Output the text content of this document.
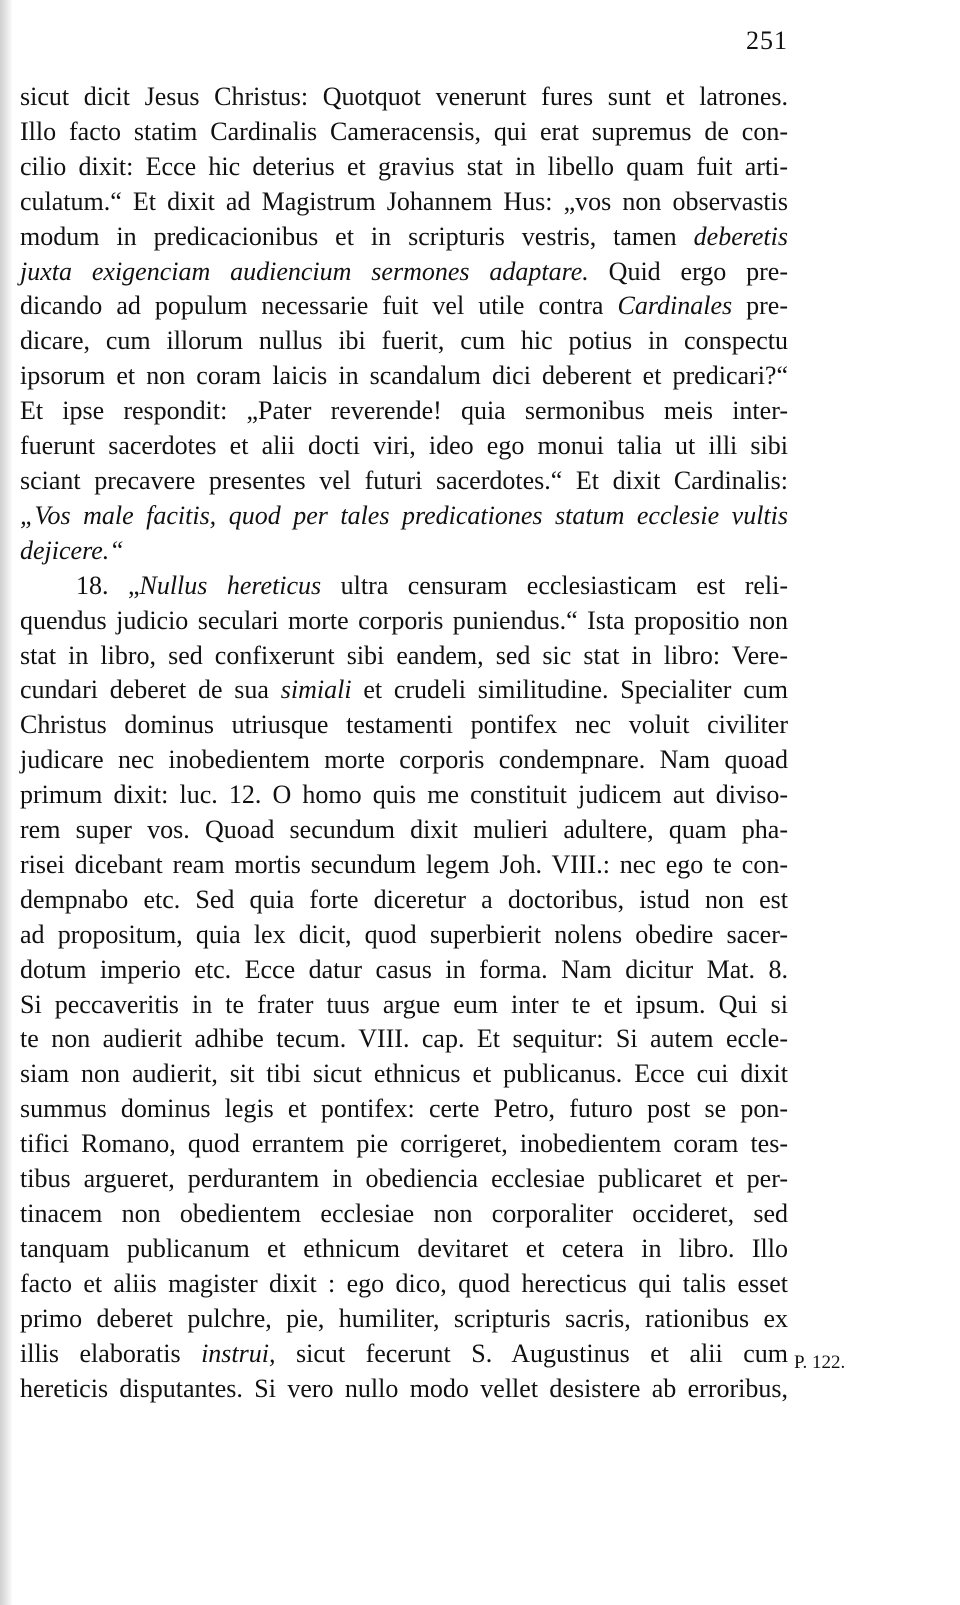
251
P. 122.
sicut dicit Jesus Christus: Quotquot venerunt fures sunt et latrones.
Illo facto statim Cardinalis Cameracensis, qui erat supremus de con-
cilio dixit: Ecce hic deterius et gravius stat in libello quam fuit arti-
culatum.“ Et dixit ad Magistrum Johannem Hus: „vos non observastis
modum in predicacionibus et in scripturis vestris, tamen deberetis
juxta exigenciam audiencium sermones adaptare. Quid ergo pre-
dicando ad populum necessarie fuit vel utile contra Cardinales pre-
dicare, cum illorum nullus ibi fuerit, cum hic potius in conspectu
ipsorum et non coram laicis in scandalum dici deberent et predicari?“
Et ipse respondit: „Pater reverende! quia sermonibus meis inter-
fuerunt sacerdotes et alii docti viri, ideo ego monui talia ut illi sibi
sciant precavere presentes vel futuri sacerdotes.“ Et dixit Cardinalis:
„Vos male facitis, quod per tales predicationes statum ecclesie vultis
dejicere.“
18. „Nullus hereticus ultra censuram ecclesiasticam est reli-
quendus judicio seculari morte corporis puniendus.“ Ista propositio non
stat in libro, sed confixerunt sibi eandem, sed sic stat in libro: Vere-
cundari deberet de sua simiali et crudeli similitudine. Specialiter cum
Christus dominus utriusque testamenti pontifex nec voluit civiliter
judicare nec inobedientem morte corporis condempnare. Nam quoad
primum dixit: luc. 12. O homo quis me constituit judicem aut diviso-
rem super vos. Quoad secundum dixit mulieri adultere, quam pha-
risei dicebant ream mortis secundum legem Joh. VIII.: nec ego te con-
dempnabo etc. Sed quia forte diceretur a doctoribus, istud non est
ad propositum, quia lex dicit, quod superbierit nolens obedire sacer-
dotum imperio etc. Ecce datur casus in forma. Nam dicitur Mat. 8.
Si peccaveritis in te frater tuus argue eum inter te et ipsum. Qui si
te non audierit adhibe tecum. VIII. cap. Et sequitur: Si autem eccle-
siam non audierit, sit tibi sicut ethnicus et publicanus. Ecce cui dixit
summus dominus legis et pontifex: certe Petro, futuro post se pon-
tifici Romano, quod errantem pie corrigeret, inobedientem coram tes-
tibus argueret, perdurantem in obediencia ecclesiae publicaret et per-
tinacem non obedientem ecclesiae non corporaliter occideret, sed
tanquam publicanum et ethnicum devitaret et cetera in libro. Illo
facto et aliis magister dixit : ego dico, quod herecticus qui talis esset
primo deberet pulchre, pie, humiliter, scripturis sacris, rationibus ex
illis elaboratis instrui, sicut fecerunt S. Augustinus et alii cum
hereticis disputantes. Si vero nullo modo vellet desistere ab erroribus,
